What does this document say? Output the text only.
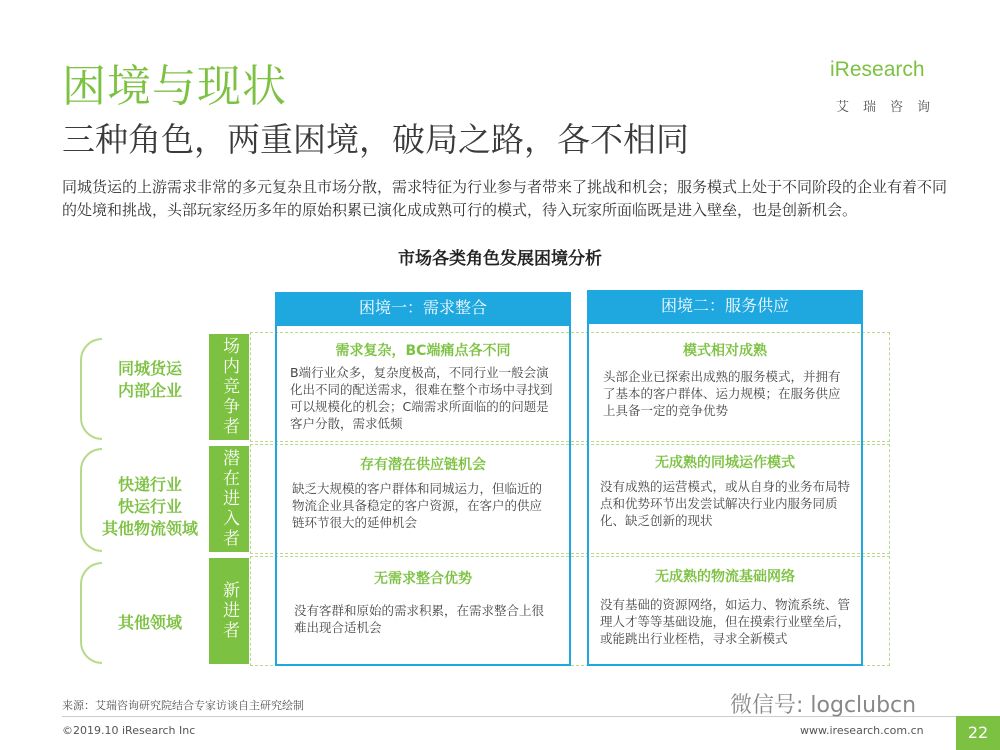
困境与现状
三种角色，两重困境，破局之路，各不相同
同城货运的上游需求非常的多元复杂且市场分散，需求特征为行业参与者带来了挑战和机会；服务模式上处于不同阶段的企业有着不同的处境和挑战，头部玩家经历多年的原始积累已演化成成熟可行的模式，待入玩家所面临既是进入壁垒，也是创新机会。
iResearch
艾瑞咨询
市场各类角色发展困境分析
困境一：需求整合	困境二：服务供应
同城货运
内部企业
快递行业
快运行业
其他物流领域
其他领域
场内竞争者
潜在进入者
新进者
需求复杂，BC端痛点各不同
B端行业众多，复杂度极高，不同行业一般会演化出不同的配送需求，很难在整个市场中寻找到可以规模化的机会；C端需求所面临的的问题是客户分散，需求低频
模式相对成熟
头部企业已探索出成熟的服务模式，并拥有了基本的客户群体、运力规模；在服务供应上具备一定的竞争优势
存有潜在供应链机会
缺乏大规模的客户群体和同城运力，但临近的物流企业具备稳定的客户资源，在客户的供应链环节很大的延伸机会
无成熟的同城运作模式
没有成熟的运营模式，或从自身的业务布局特点和优势环节出发尝试解决行业内服务同质化、缺乏创新的现状
无需求整合优势
没有客群和原始的需求积累，在需求整合上很难出现合适机会
无成熟的物流基础网络
没有基础的资源网络，如运力、物流系统、管理人才等等基础设施，但在摸索行业壁垒后，或能跳出行业桎梏，寻求全新模式
来源：艾瑞咨询研究院结合专家访谈自主研究绘制
©2019.10 iResearch Inc
微信号: logclubcn
www.iresearch.com.cn	22
